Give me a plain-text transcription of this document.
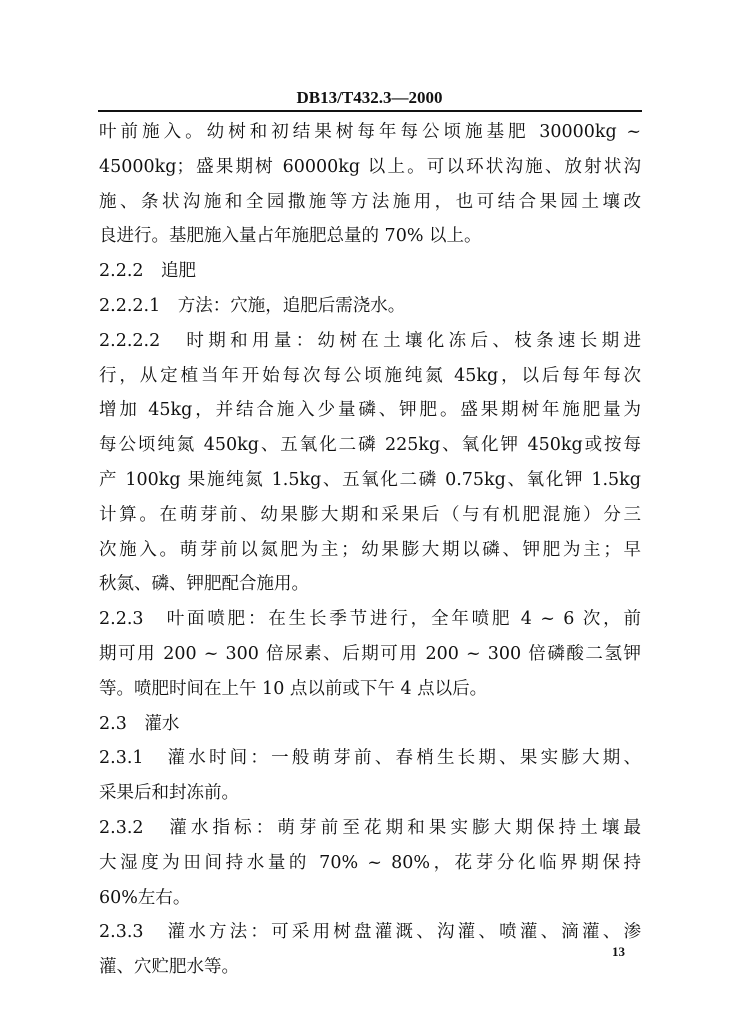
DB13/T432.3—2000
叶前施入。幼树和初结果树每年每公顷施基肥 30000kg ~
45000kg；盛果期树 60000kg 以上。可以环状沟施、放射状沟
施、条状沟施和全园撒施等方法施用，也可结合果园土壤改
良进行。基肥施入量占年施肥总量的 70% 以上。
2.2.2　追肥
2.2.2.1　方法：穴施，追肥后需浇水。
2.2.2.2　时期和用量：幼树在土壤化冻后、枝条速长期进
行，从定植当年开始每次每公顷施纯氮 45kg，以后每年每次
增加 45kg，并结合施入少量磷、钾肥。盛果期树年施肥量为
每公顷纯氮 450kg、五氧化二磷 225kg、氧化钾 450kg或按每
产 100kg 果施纯氮 1.5kg、五氧化二磷 0.75kg、氧化钾 1.5kg
计算。在萌芽前、幼果膨大期和采果后（与有机肥混施）分三
次施入。萌芽前以氮肥为主；幼果膨大期以磷、钾肥为主；早
秋氮、磷、钾肥配合施用。
2.2.3　叶面喷肥：在生长季节进行，全年喷肥 4 ~ 6 次，前
期可用 200 ~ 300 倍尿素、后期可用 200 ~ 300 倍磷酸二氢钾
等。喷肥时间在上午 10 点以前或下午 4 点以后。
2.3　灌水
2.3.1　灌水时间：一般萌芽前、春梢生长期、果实膨大期、
采果后和封冻前。
2.3.2　灌水指标：萌芽前至花期和果实膨大期保持土壤最
大湿度为田间持水量的 70% ~ 80%，花芽分化临界期保持
60%左右。
2.3.3　灌水方法：可采用树盘灌溉、沟灌、喷灌、滴灌、渗
灌、穴贮肥水等。
13
